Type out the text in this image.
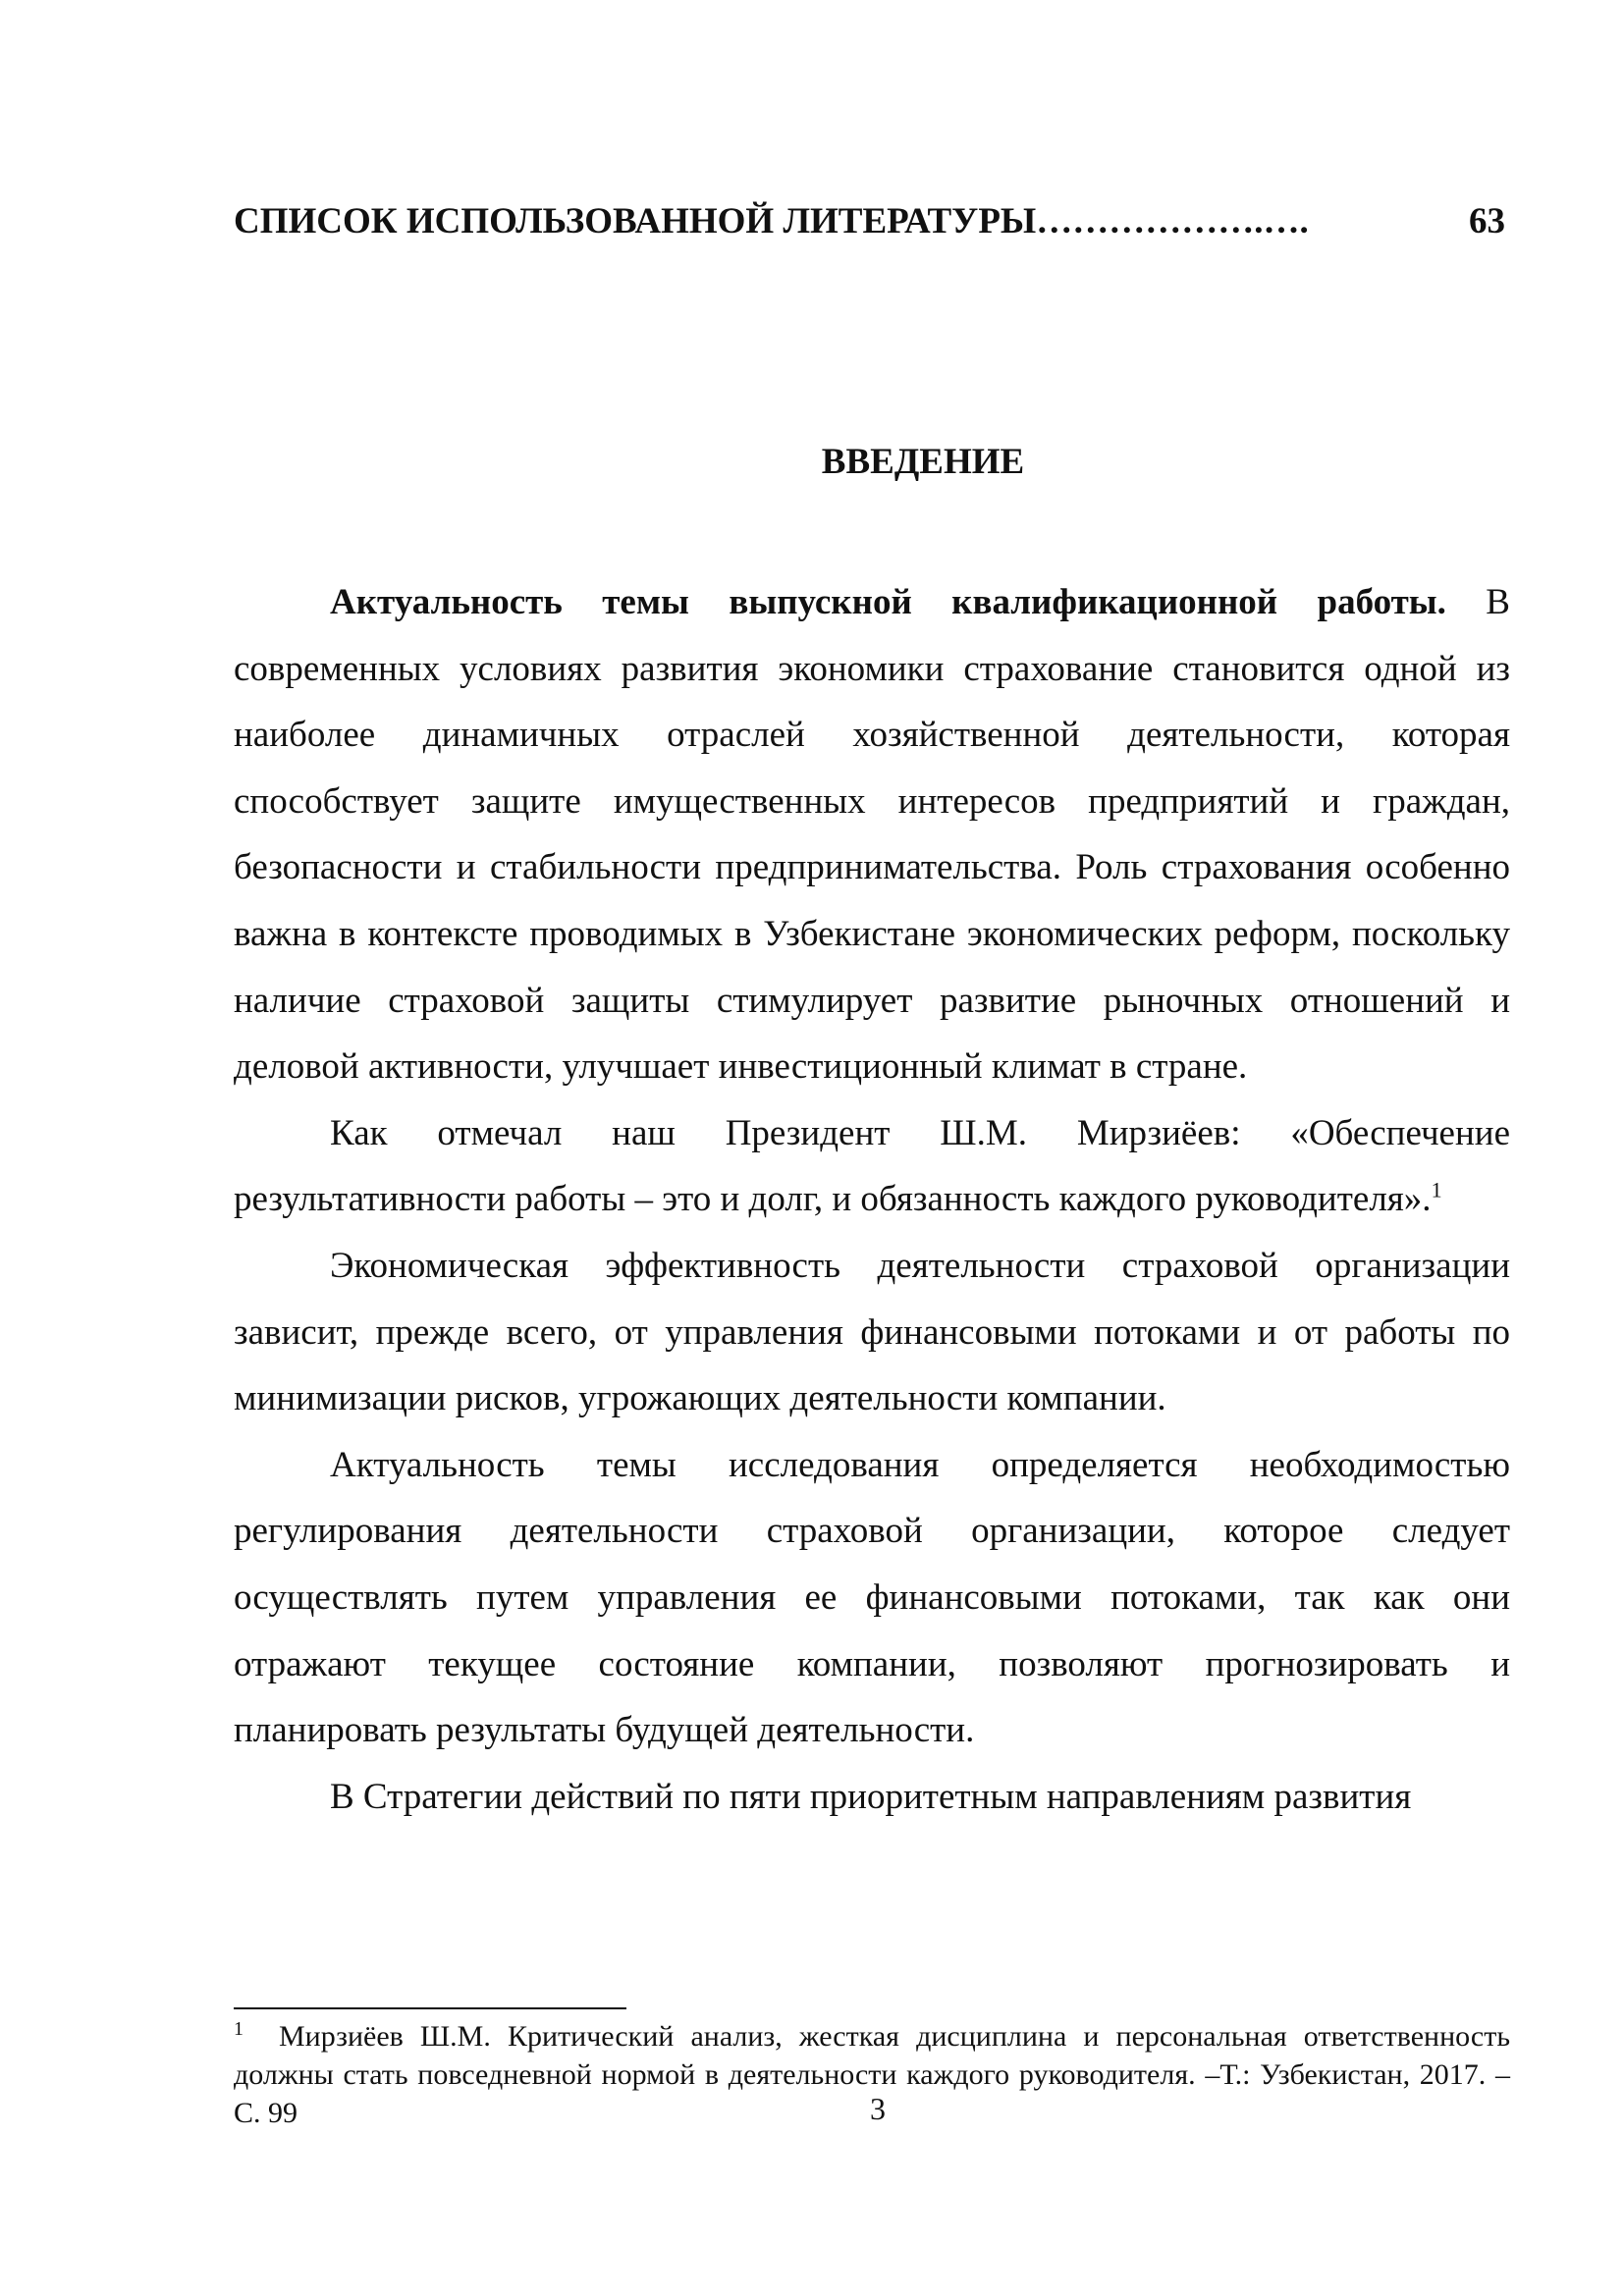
СПИСОК ИСПОЛЬЗОВАННОЙ ЛИТЕРАТУРЫ……………….….	63
ВВЕДЕНИЕ

Актуальность темы выпускной квалификационной работы. В современных условиях развития экономики страхование становится одной из наиболее динамичных отраслей хозяйственной деятельности, которая способствует защите имущественных интересов предприятий и граждан, безопасности и стабильности предпринимательства. Роль страхования особенно важна в контексте проводимых в Узбекистане экономических реформ, поскольку наличие страховой защиты стимулирует развитие рыночных отношений и деловой активности, улучшает инвестиционный климат в стране.

Как отмечал наш Президент Ш.М. Мирзиёев: «Обеспечение результативности работы – это и долг, и обязанность каждого руководителя».$^1$

Экономическая эффективность деятельности страховой организации зависит, прежде всего, от управления финансовыми потоками и от работы по минимизации рисков, угрожающих деятельности компании.

Актуальность темы исследования определяется необходимостью регулирования деятельности страховой организации, которое следует осуществлять путем управления ее финансовыми потоками, так как они отражают текущее состояние компании, позволяют прогнозировать и планировать результаты будущей деятельности.

В Стратегии действий по пяти приоритетным направлениям развития

$^1$ Мирзиёев Ш.М. Критический анализ, жесткая дисциплина и персональная ответственность должны стать повседневной нормой в деятельности каждого руководителя. –Т.: Узбекистан, 2017. – С. 99	3
